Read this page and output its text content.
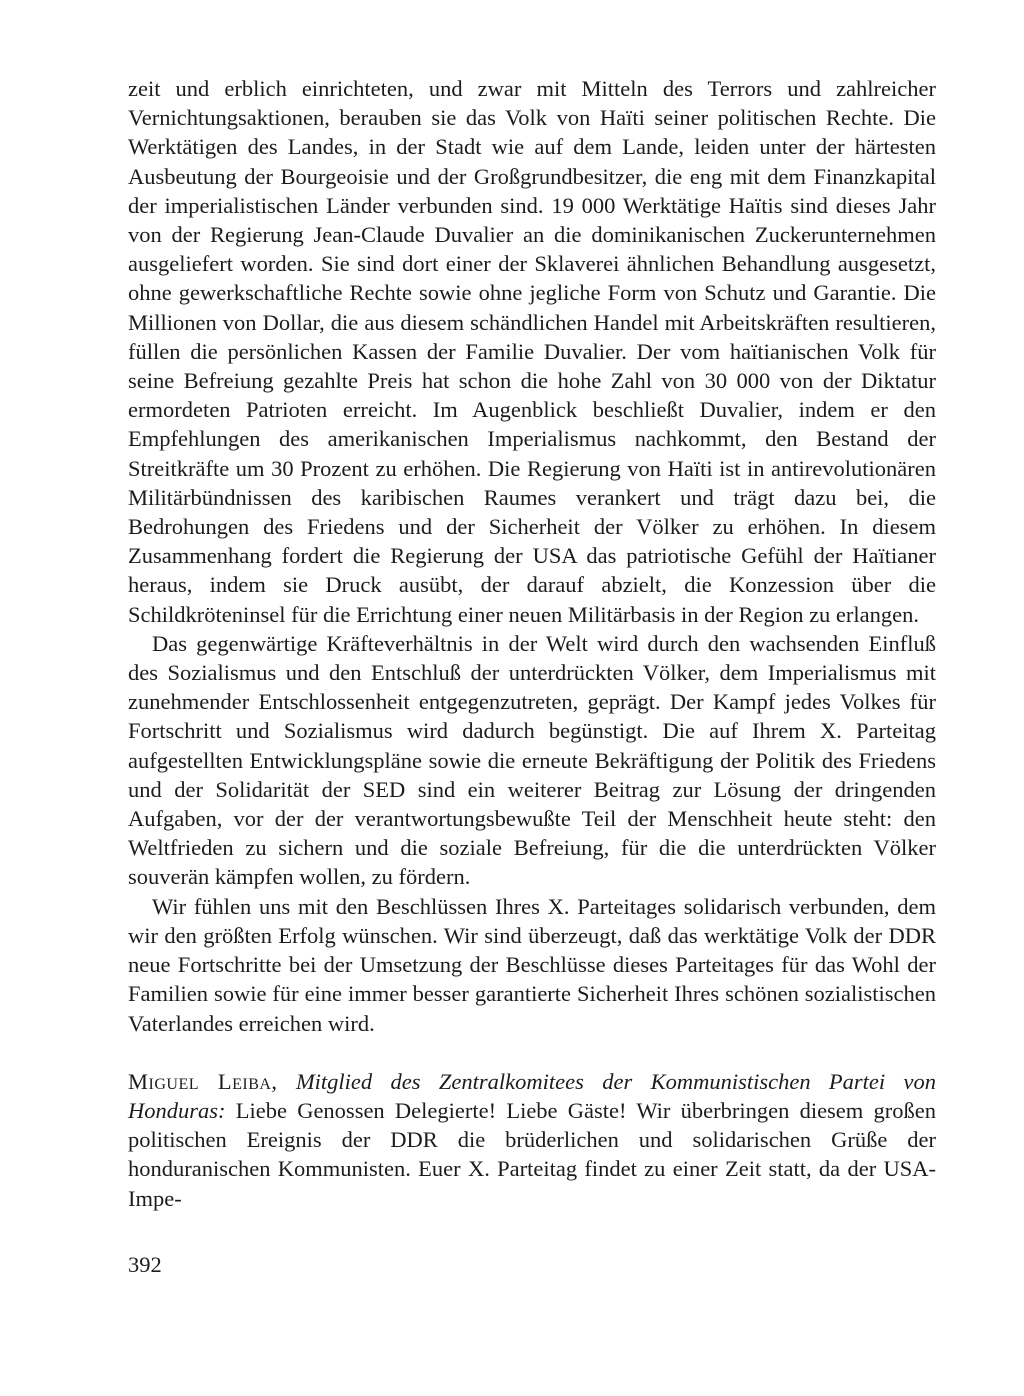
zeit und erblich einrichteten, und zwar mit Mitteln des Terrors und zahlreicher Vernichtungsaktionen, berauben sie das Volk von Haïti seiner politischen Rechte. Die Werktätigen des Landes, in der Stadt wie auf dem Lande, leiden unter der härtesten Ausbeutung der Bourgeoisie und der Großgrundbesitzer, die eng mit dem Finanzkapital der imperialistischen Länder verbunden sind. 19 000 Werktätige Haïtis sind dieses Jahr von der Regierung Jean-Claude Duvalier an die dominikanischen Zuckerunternehmen ausgeliefert worden. Sie sind dort einer der Sklaverei ähnlichen Behandlung ausgesetzt, ohne gewerkschaftliche Rechte sowie ohne jegliche Form von Schutz und Garantie. Die Millionen von Dollar, die aus diesem schändlichen Handel mit Arbeitskräften resultieren, füllen die persönlichen Kassen der Familie Duvalier. Der vom haïtianischen Volk für seine Befreiung gezahlte Preis hat schon die hohe Zahl von 30 000 von der Diktatur ermordeten Patrioten erreicht. Im Augenblick beschließt Duvalier, indem er den Empfehlungen des amerikanischen Imperialismus nachkommt, den Bestand der Streitkräfte um 30 Prozent zu erhöhen. Die Regierung von Haïti ist in antirevolutionären Militärbündnissen des karibischen Raumes verankert und trägt dazu bei, die Bedrohungen des Friedens und der Sicherheit der Völker zu erhöhen. In diesem Zusammenhang fordert die Regierung der USA das patriotische Gefühl der Haïtianer heraus, indem sie Druck ausübt, der darauf abzielt, die Konzession über die Schildkröteninsel für die Errichtung einer neuen Militärbasis in der Region zu erlangen.

Das gegenwärtige Kräfteverhältnis in der Welt wird durch den wachsenden Einfluß des Sozialismus und den Entschluß der unterdrückten Völker, dem Imperialismus mit zunehmender Entschlossenheit entgegenzutreten, geprägt. Der Kampf jedes Volkes für Fortschritt und Sozialismus wird dadurch begünstigt. Die auf Ihrem X. Parteitag aufgestellten Entwicklungspläne sowie die erneute Bekräftigung der Politik des Friedens und der Solidarität der SED sind ein weiterer Beitrag zur Lösung der dringenden Aufgaben, vor der der verantwortungsbewußte Teil der Menschheit heute steht: den Weltfrieden zu sichern und die soziale Befreiung, für die die unterdrückten Völker souverän kämpfen wollen, zu fördern.

Wir fühlen uns mit den Beschlüssen Ihres X. Parteitages solidarisch verbunden, dem wir den größten Erfolg wünschen. Wir sind überzeugt, daß das werktätige Volk der DDR neue Fortschritte bei der Umsetzung der Beschlüsse dieses Parteitages für das Wohl der Familien sowie für eine immer besser garantierte Sicherheit Ihres schönen sozialistischen Vaterlandes erreichen wird.

Miguel Leiba, Mitglied des Zentralkomitees der Kommunistischen Partei von Honduras: Liebe Genossen Delegierte! Liebe Gäste! Wir überbringen diesem großen politischen Ereignis der DDR die brüderlichen und solidarischen Grüße der honduranischen Kommunisten. Euer X. Parteitag findet zu einer Zeit statt, da der USA-Impe-

392
